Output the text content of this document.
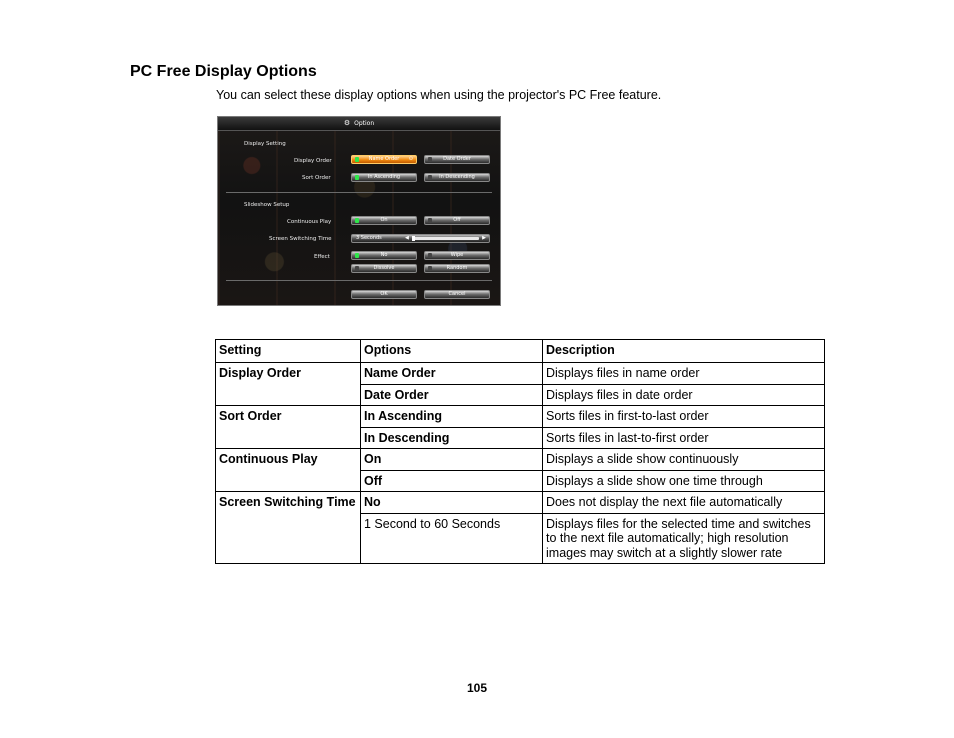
PC Free Display Options
You can select these display options when using the projector's PC Free feature.
⚙ Option
Display Setting
Display Order	Name Order ⊙	Date Order
Sort Order	In Ascending	In Descending
Slideshow Setup
Continuous Play	On	Off
Screen Switching Time	3 Seconds	◀	▶
Effect	No	Wipe
Dissolve	Random
OK	Cancel
Setting	Options	Description
Display Order	Name Order	Displays files in name order
	Date Order	Displays files in date order
Sort Order	In Ascending	Sorts files in first-to-last order
	In Descending	Sorts files in last-to-first order
Continuous Play	On	Displays a slide show continuously
	Off	Displays a slide show one time through
Screen Switching Time	No	Does not display the next file automatically
	1 Second to 60 Seconds	Displays files for the selected time and switches to the next file automatically; high resolution images may switch at a slightly slower rate
105
